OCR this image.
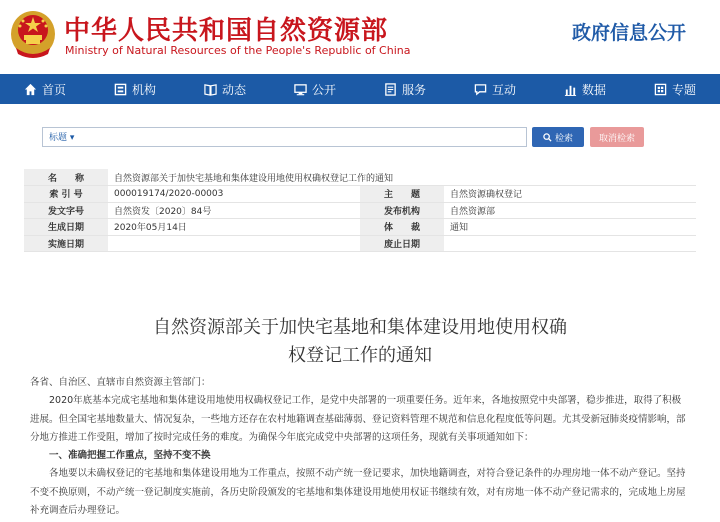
中华人民共和国自然资源部
Ministry of Natural Resources of the People's Republic of China
政府信息公开
首页	机构	动态	公开	服务	互动	数据	专题
标题 ▾	检索	取消检索
名　　称	自然资源部关于加快宅基地和集体建设用地使用权确权登记工作的通知		
索 引 号	000019174/2020-00003	主　　题	自然资源确权登记
发文字号	自然资发〔2020〕84号	发布机构	自然资源部
生成日期	2020年05月14日	体　　裁	通知
实施日期		废止日期	
自然资源部关于加快宅基地和集体建设用地使用权确
权登记工作的通知

各省、自治区、直辖市自然资源主管部门：

2020年底基本完成宅基地和集体建设用地使用权确权登记工作，是党中央部署的一项重要任务。近年来，各地按照党中央部署，稳步推进，取得了积极进展。但全国宅基地数量大、情况复杂，一些地方还存在农村地籍调查基础薄弱、登记资料管理不规范和信息化程度低等问题。尤其受新冠肺炎疫情影响，部分地方推进工作受阻，增加了按时完成任务的难度。为确保今年底完成党中央部署的这项任务，现就有关事项通知如下：

一、准确把握工作重点，坚持不变不换

各地要以未确权登记的宅基地和集体建设用地为工作重点，按照不动产统一登记要求，加快地籍调查，对符合登记条件的办理房地一体不动产登记。坚持不变不换原则，不动产统一登记制度实施前，各历史阶段颁发的宅基地和集体建设用地使用权证书继续有效，对有房地一体不动产登记需求的，完成地上房屋补充调查后办理登记。
